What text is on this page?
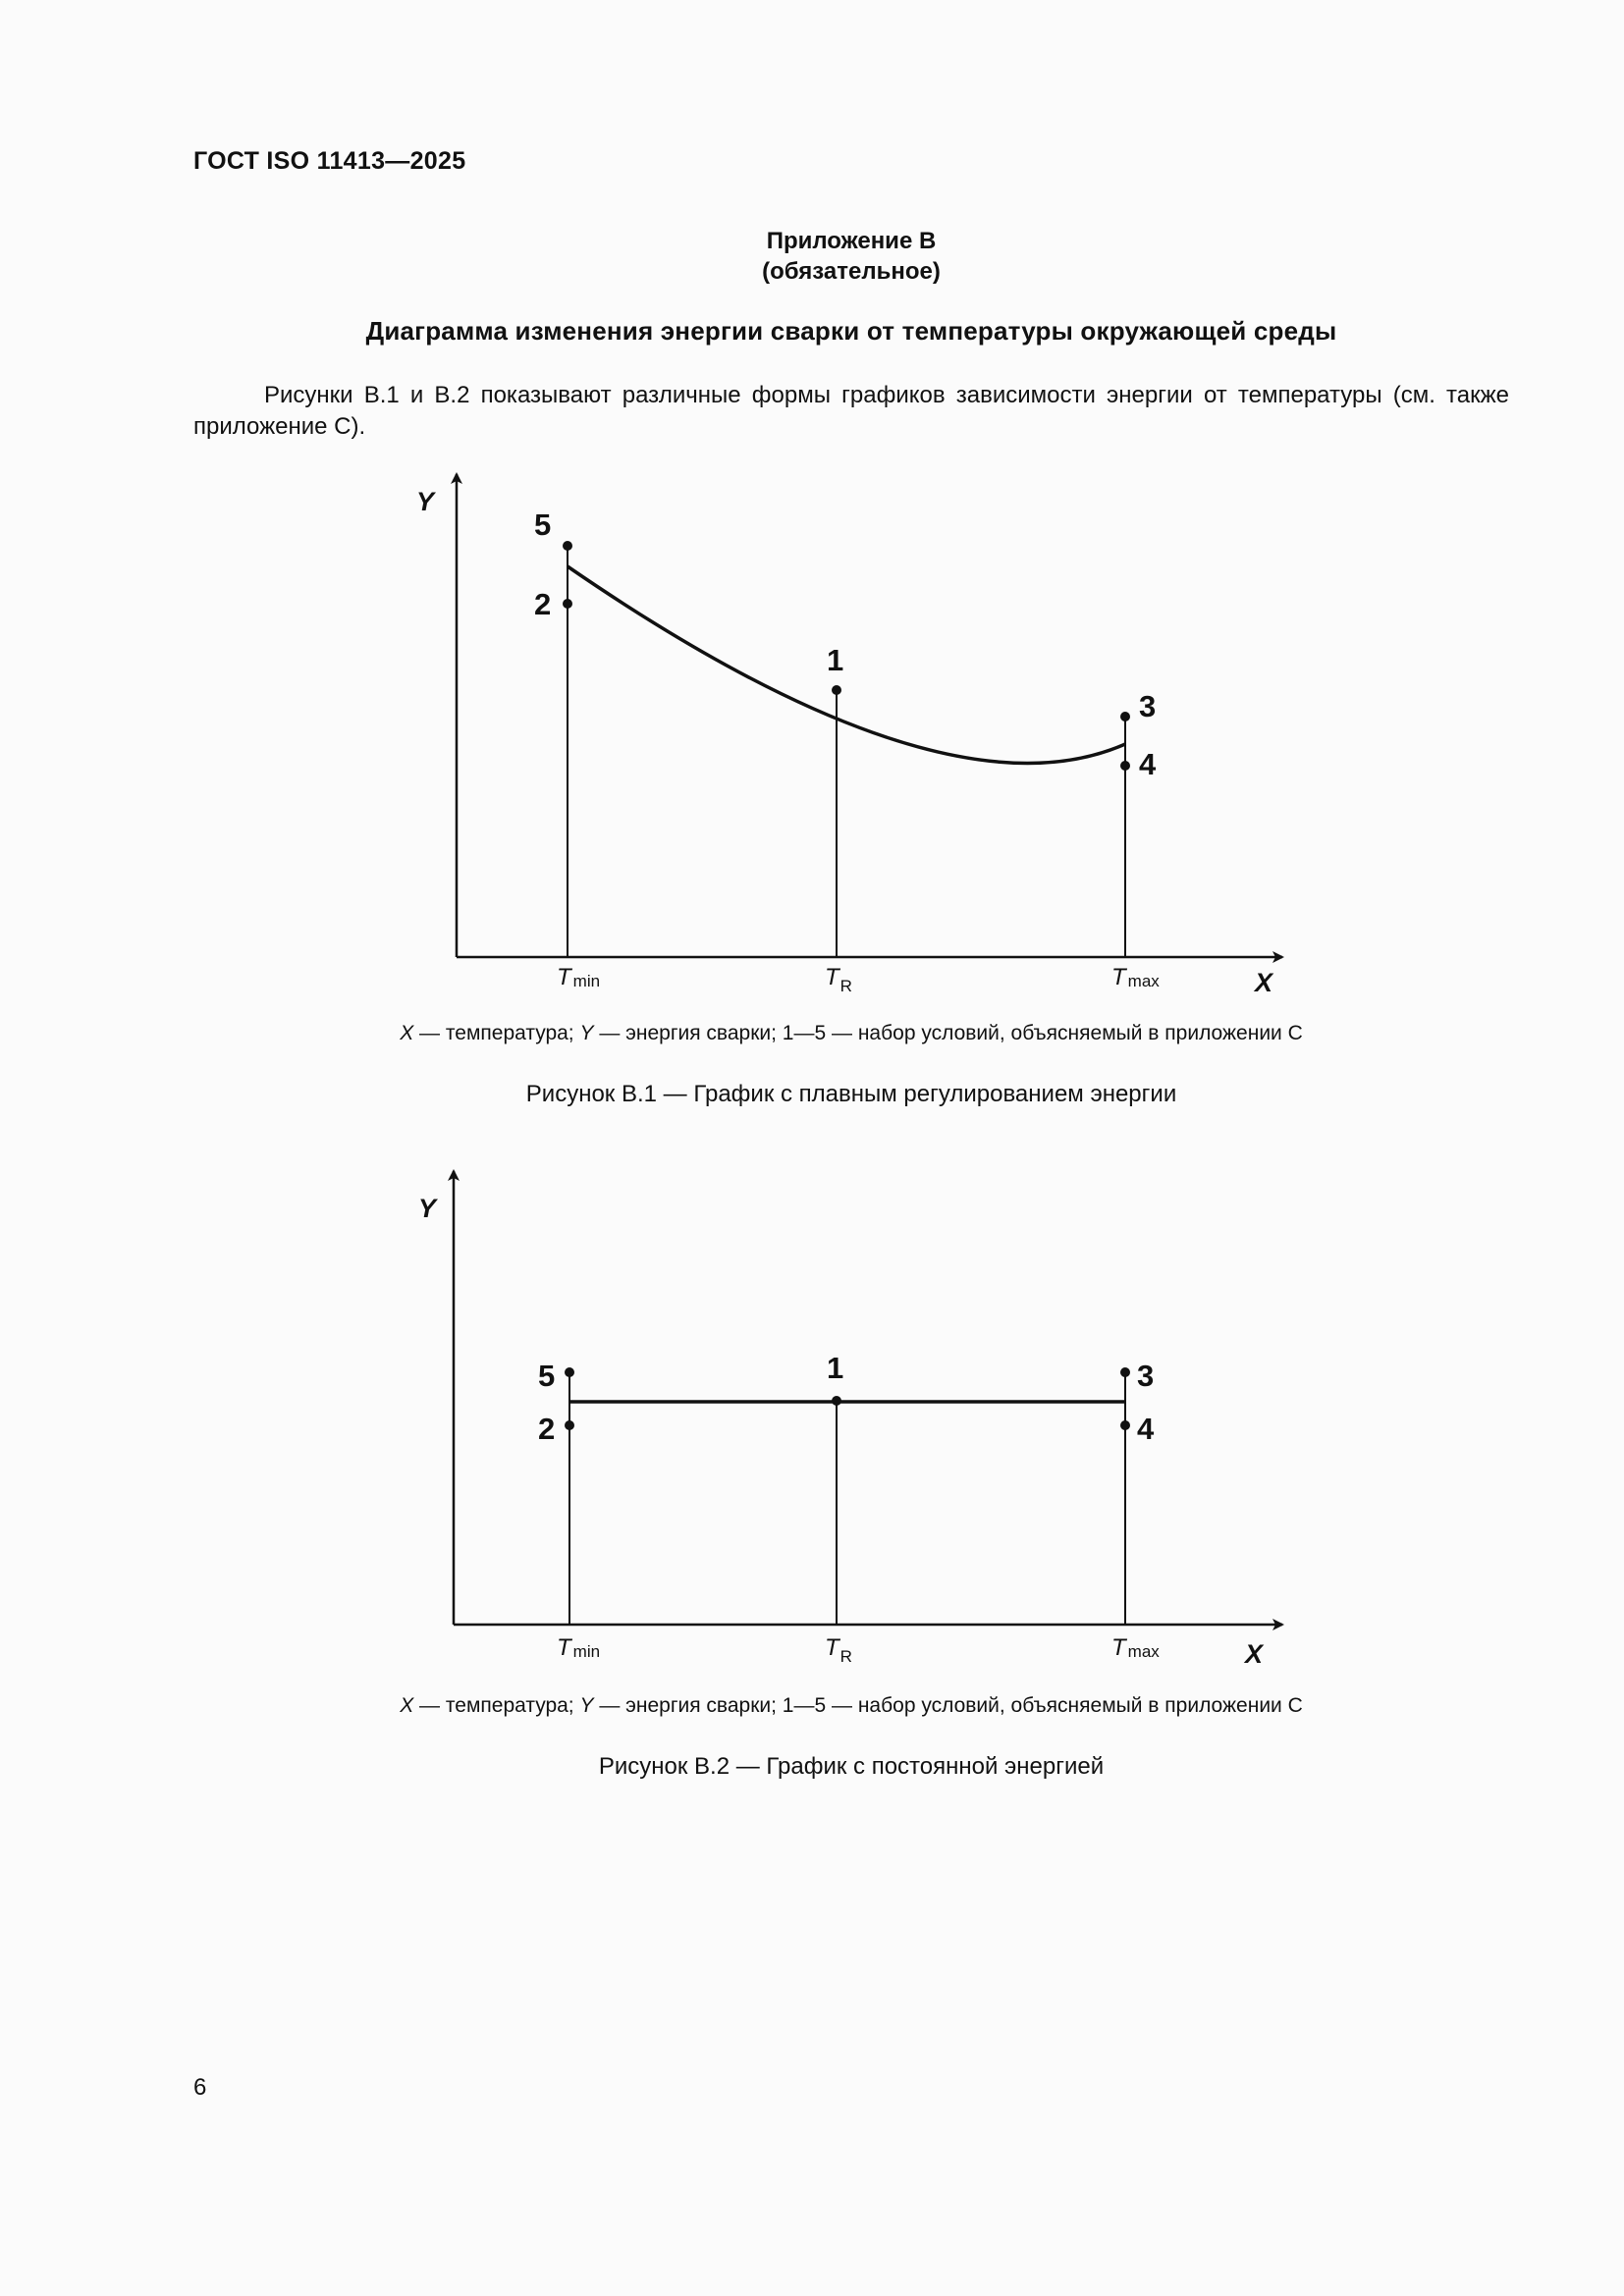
ГОСТ ISO 11413—2025
Приложение В
(обязательное)
Диаграмма изменения энергии сварки от температуры окружающей среды
Рисунки В.1 и В.2 показывают различные формы графиков зависимости энергии от температуры (см. также приложение С).
Y
X
5
2
1
3
4
T min	$T_R$	T max
Y
X
5
2
1	3
4
T min	$T_R$	T max
X — температура; Y — энергия сварки; 1—5 — набор условий, объясняемый в приложении С
Рисунок В.1 — График с плавным регулированием энергии
X — температура; Y — энергия сварки; 1—5 — набор условий, объясняемый в приложении С
Рисунок В.2 — График с постоянной энергией
6
